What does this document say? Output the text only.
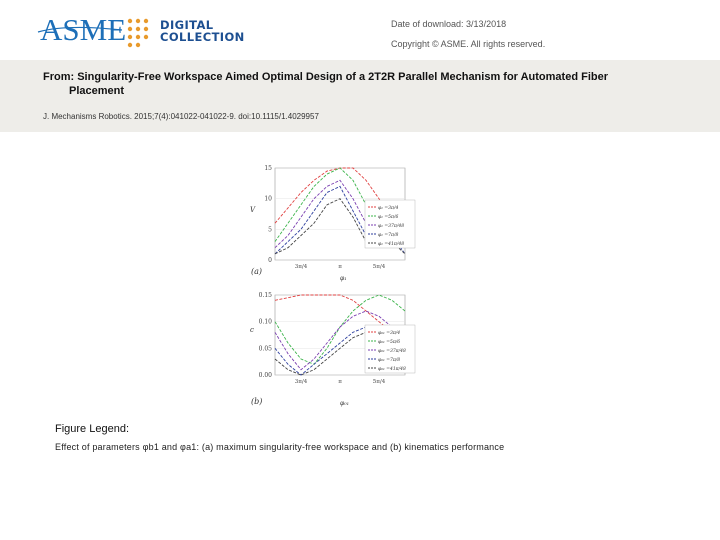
ASME	DIGITAL
COLLECTION
Date of download: 3/13/2018
Copyright © ASME. All rights reserved.
From: Singularity-Free Workspace Aimed Optimal Design of a 2T2R Parallel Mechanism for Automated Fiber
Placement
J. Mechanisms Robotics. 2015;7(4):041022-041022-9. doi:10.1115/1.4029957
0
5
10
15
3π/4	π	5π/4
φ₁ =3π/4
φ₁ =5π/6
φ₁ =37π/48
φ₁ =7π/8
φ₁ =41π/48
0.00
0.05
0.10
0.15
3π/4	π	5π/4
φ₀₁ =3π/4
φ₀₁ =5π/6
φ₀₁ =37π/48
φ₀₁ =7π/8
φ₀₁ =41π/48
(a)
(b)
V
φ₁
c
φ₀₁
Figure Legend:
Effect of parameters φb1 and φa1: (a) maximum singularity-free workspace and (b) kinematics performance
